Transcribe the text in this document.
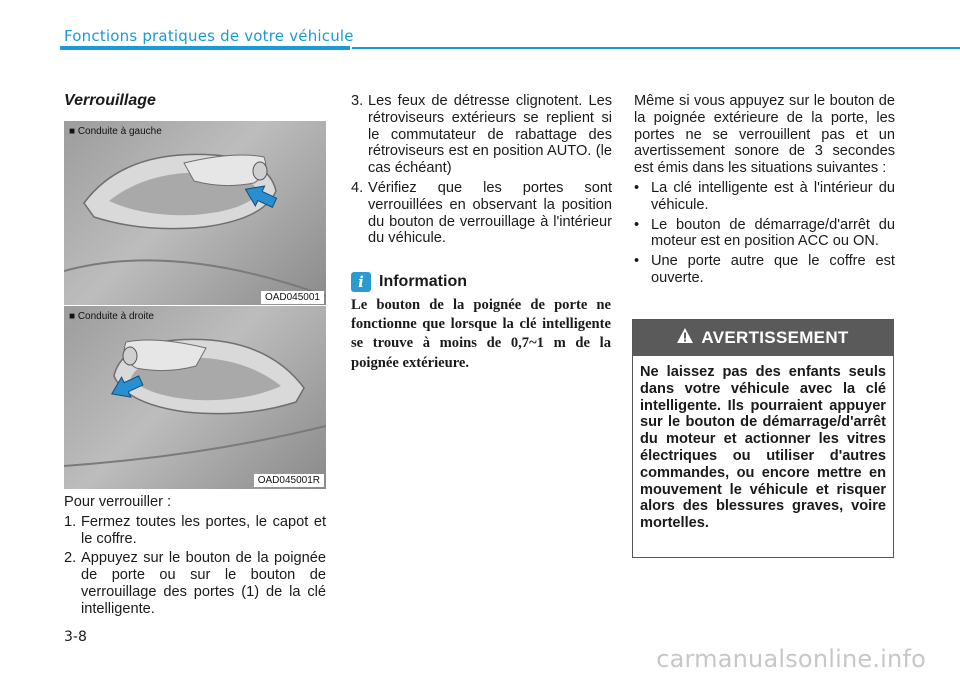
Fonctions pratiques de votre véhicule
Verrouillage
■ Conduite à gauche
OAD045001
■ Conduite à droite
OAD045001R

Pour verrouiller :

1. Fermez toutes les portes, le capot et le coffre.
2. Appuyez sur le bouton de la poignée de porte ou sur le bouton de verrouillage des portes (1) de la clé intelligente.
3. Les feux de détresse clignotent. Les rétroviseurs extérieurs se replient si le commutateur de rabattage des rétroviseurs est en position AUTO. (le cas échéant)
4. Vérifiez que les portes sont verrouillées en observant la position du bouton de verrouillage à l'intérieur du véhicule.
i Information
Le bouton de la poignée de porte ne fonctionne que lorsque la clé intelligente se trouve à moins de 0,7~1 m de la poignée extérieure.

Même si vous appuyez sur le bouton de la poignée extérieure de la porte, les portes ne se verrouillent pas et un avertissement sonore de 3 secondes est émis dans les situations suivantes :

• La clé intelligente est à l'intérieur du véhicule.
• Le bouton de démarrage/d'arrêt du moteur est en position ACC ou ON.
• Une porte autre que le coffre est ouverte.
AVERTISSEMENT
Ne laissez pas des enfants seuls dans votre véhicule avec la clé intelligente. Ils pourraient appuyer sur le bouton de démarrage/d'arrêt du moteur et actionner les vitres électriques ou utiliser d'autres commandes, ou encore mettre en mouvement le véhicule et risquer alors des blessures graves, voire mortelles.
3-8
carmanualsonline.info
